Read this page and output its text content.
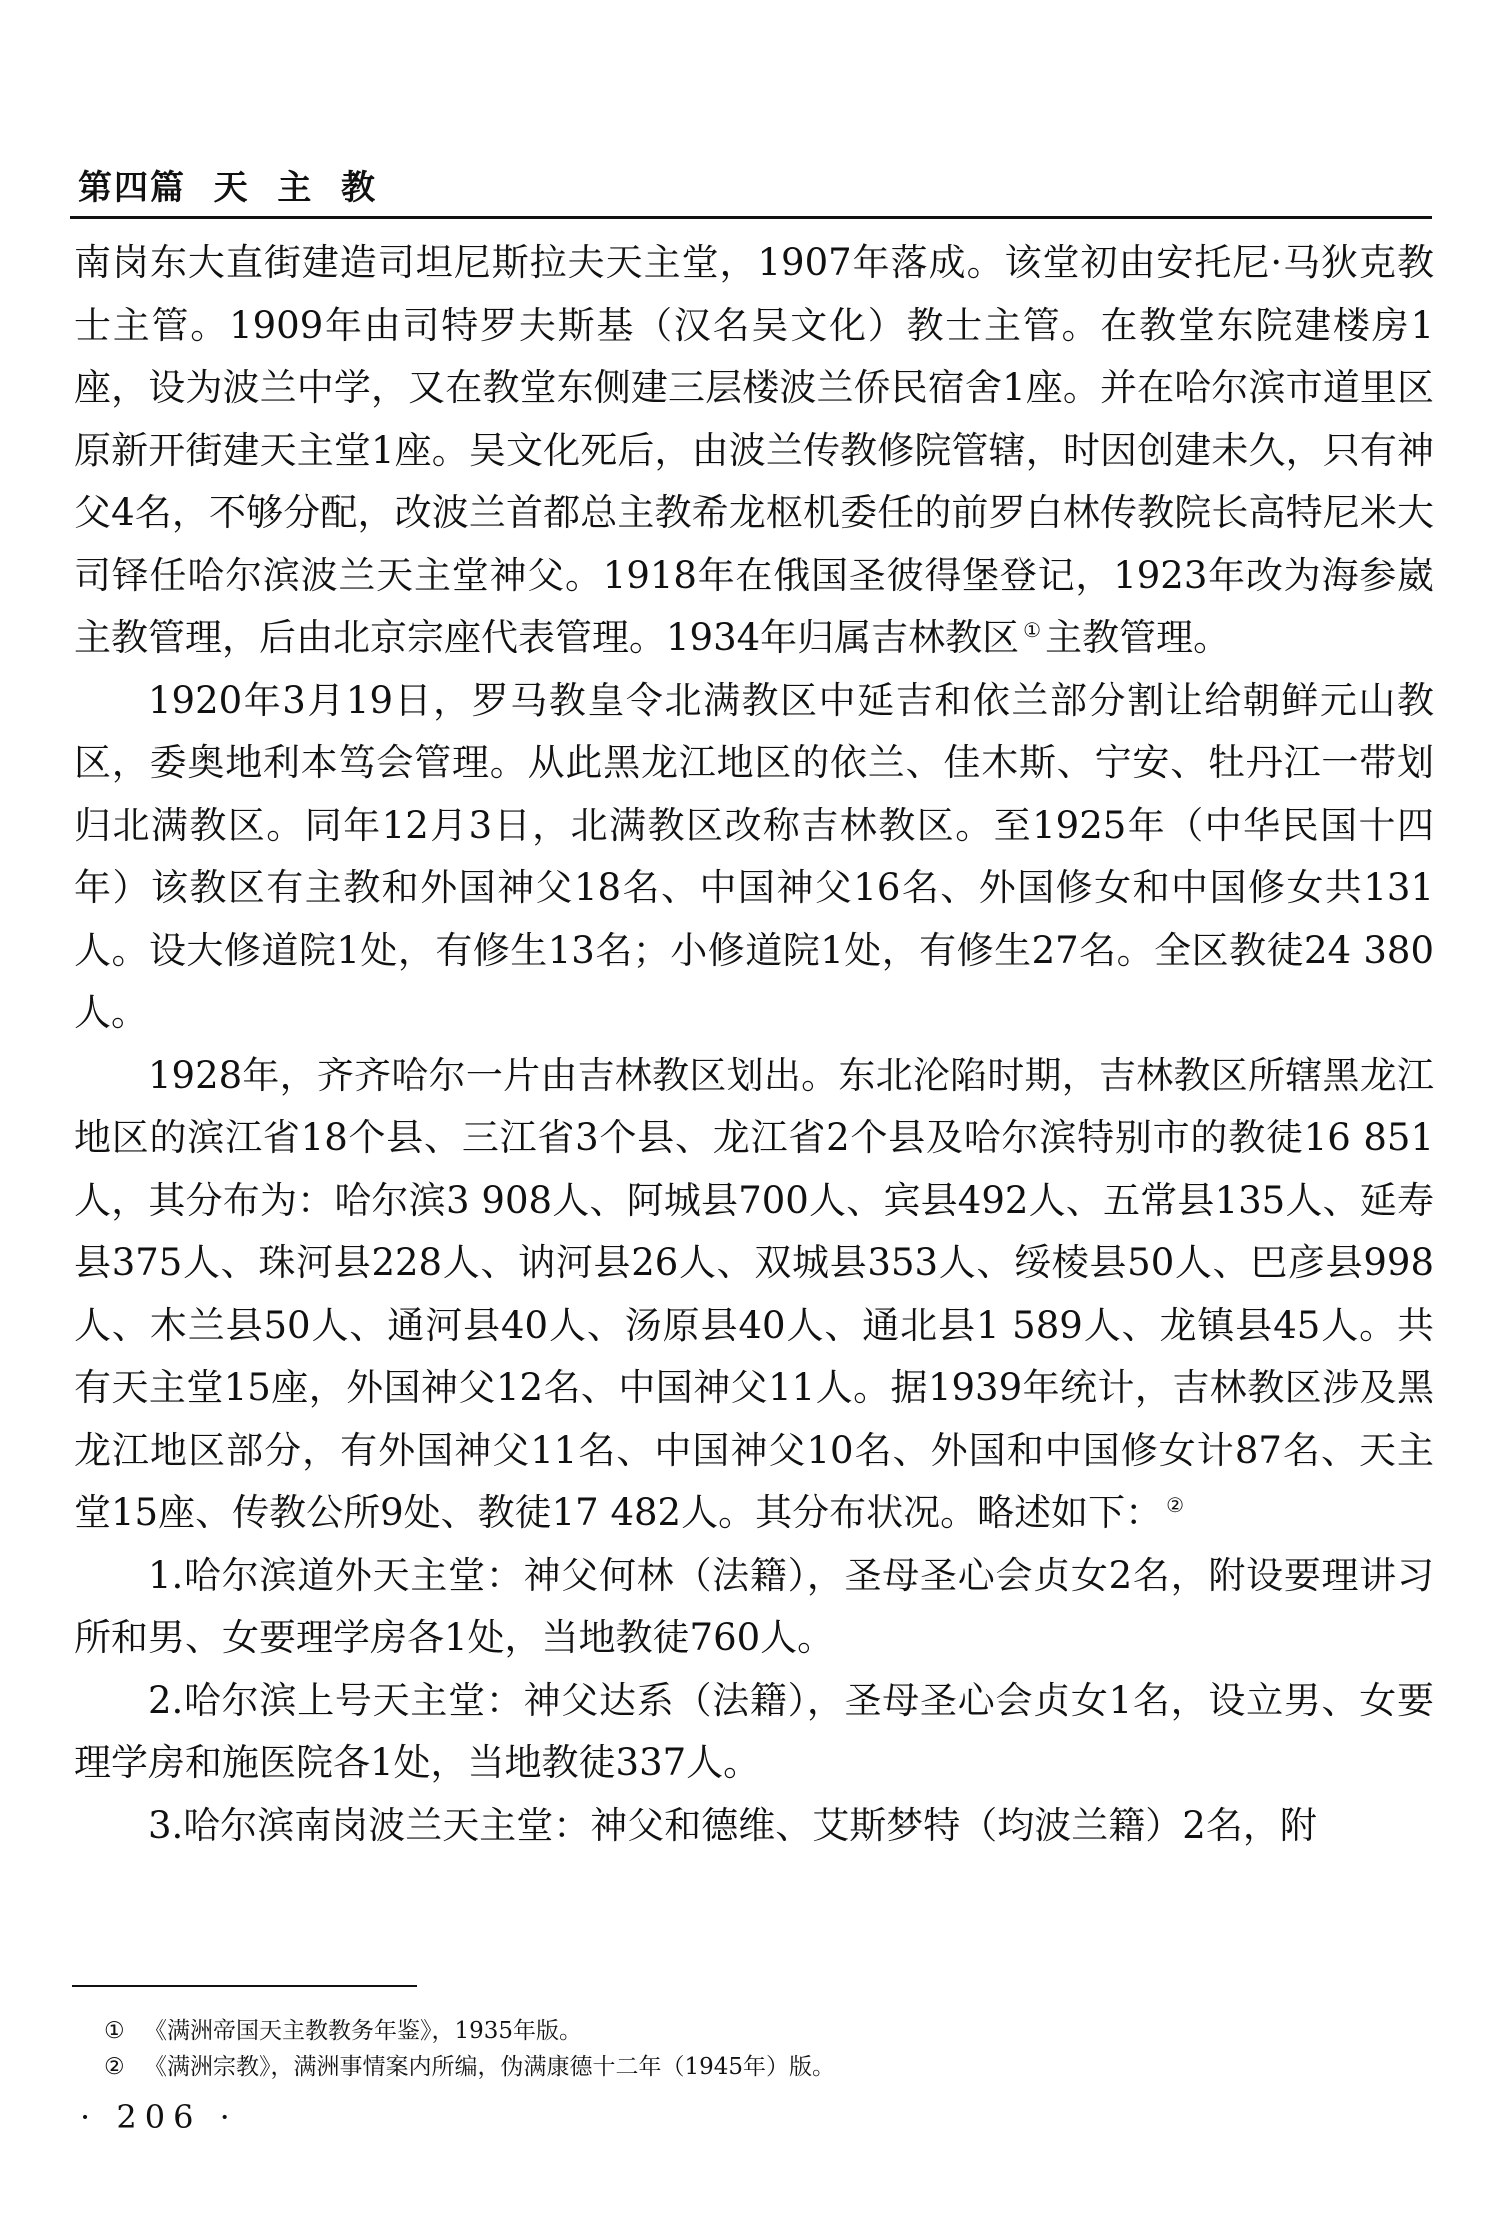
第四篇  天  主  教

南岗东大直街建造司坦尼斯拉夫天主堂，1907年落成。该堂初由安托尼·马狄克教士主管。1909年由司特罗夫斯基（汉名吴文化）教士主管。在教堂东院建楼房1座，设为波兰中学，又在教堂东侧建三层楼波兰侨民宿舍1座。并在哈尔滨市道里区原新开街建天主堂1座。吴文化死后，由波兰传教修院管辖，时因创建未久，只有神父4名，不够分配，改波兰首都总主教希龙枢机委任的前罗白林传教院长高特尼米大司铎任哈尔滨波兰天主堂神父。1918年在俄国圣彼得堡登记，1923年改为海参崴主教管理，后由北京宗座代表管理。1934年归属吉林教区 ① 主教管理。

1920年3月19日，罗马教皇令北满教区中延吉和依兰部分割让给朝鲜元山教区，委奥地利本笃会管理。从此黑龙江地区的依兰、佳木斯、宁安、牡丹江一带划归北满教区。同年12月3日，北满教区改称吉林教区。至1925年（中华民国十四年）该教区有主教和外国神父18名、中国神父16名、外国修女和中国修女共131人。设大修道院1处，有修生13名；小修道院1处，有修生27名。全区教徒24 380人。

1928年，齐齐哈尔一片由吉林教区划出。东北沦陷时期，吉林教区所辖黑龙江地区的滨江省18个县、三江省3个县、龙江省2个县及哈尔滨特别市的教徒16 851人，其分布为：哈尔滨3 908人、阿城县700人、宾县492人、五常县135人、延寿县375人、珠河县228人、讷河县26人、双城县353人、绥棱县50人、巴彦县998人、木兰县50人、通河县40人、汤原县40人、通北县1 589人、龙镇县45人。共有天主堂15座，外国神父12名、中国神父11人。据1939年统计，吉林教区涉及黑龙江地区部分，有外国神父11名、中国神父10名、外国和中国修女计87名、天主堂15座、传教公所9处、教徒17 482人。其分布状况。略述如下： ②

1.哈尔滨道外天主堂：神父何林（法籍），圣母圣心会贞女2名，附设要理讲习所和男、女要理学房各1处，当地教徒760人。

2.哈尔滨上号天主堂：神父达系（法籍），圣母圣心会贞女1名，设立男、女要理学房和施医院各1处，当地教徒337人。

3.哈尔滨南岗波兰天主堂：神父和德维、艾斯梦特（均波兰籍）2名，附

① 《满洲帝国天主教教务年鉴》，1935年版。

② 《满洲宗教》，满洲事情案内所编，伪满康德十二年（1945年）版。

· 206 ·
